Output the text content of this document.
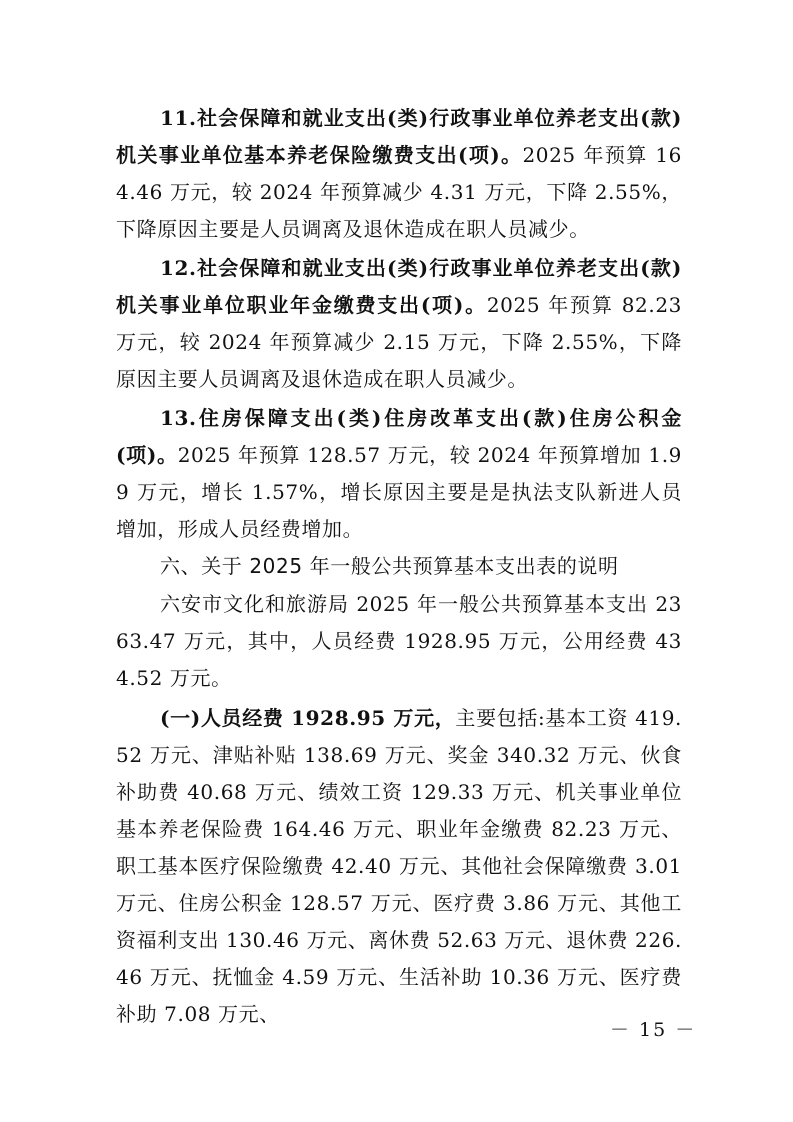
11.社会保障和就业支出(类)行政事业单位养老支出(款)机关事业单位基本养老保险缴费支出(项)。2025 年预算 164.46 万元，较 2024 年预算减少 4.31 万元，下降 2.55%，下降原因主要是人员调离及退休造成在职人员减少。

12.社会保障和就业支出(类)行政事业单位养老支出(款)机关事业单位职业年金缴费支出(项)。2025 年预算 82.23 万元，较 2024 年预算减少 2.15 万元，下降 2.55%，下降原因主要人员调离及退休造成在职人员减少。

13.住房保障支出(类)住房改革支出(款)住房公积金(项)。2025 年预算 128.57 万元，较 2024 年预算增加 1.99 万元，增长 1.57%，增长原因主要是是执法支队新进人员增加，形成人员经费增加。

六、关于 2025 年一般公共预算基本支出表的说明

六安市文化和旅游局 2025 年一般公共预算基本支出 2363.47 万元，其中，人员经费 1928.95 万元，公用经费 434.52 万元。

(一)人员经费 1928.95 万元，主要包括:基本工资 419.52 万元、津贴补贴 138.69 万元、奖金 340.32 万元、伙食补助费 40.68 万元、绩效工资 129.33 万元、机关事业单位基本养老保险费 164.46 万元、职业年金缴费 82.23 万元、职工基本医疗保险缴费 42.40 万元、其他社会保障缴费 3.01 万元、住房公积金 128.57 万元、医疗费 3.86 万元、其他工资福利支出 130.46 万元、离休费 52.63 万元、退休费 226.46 万元、抚恤金 4.59 万元、生活补助 10.36 万元、医疗费补助 7.08 万元、

－ 15 －
